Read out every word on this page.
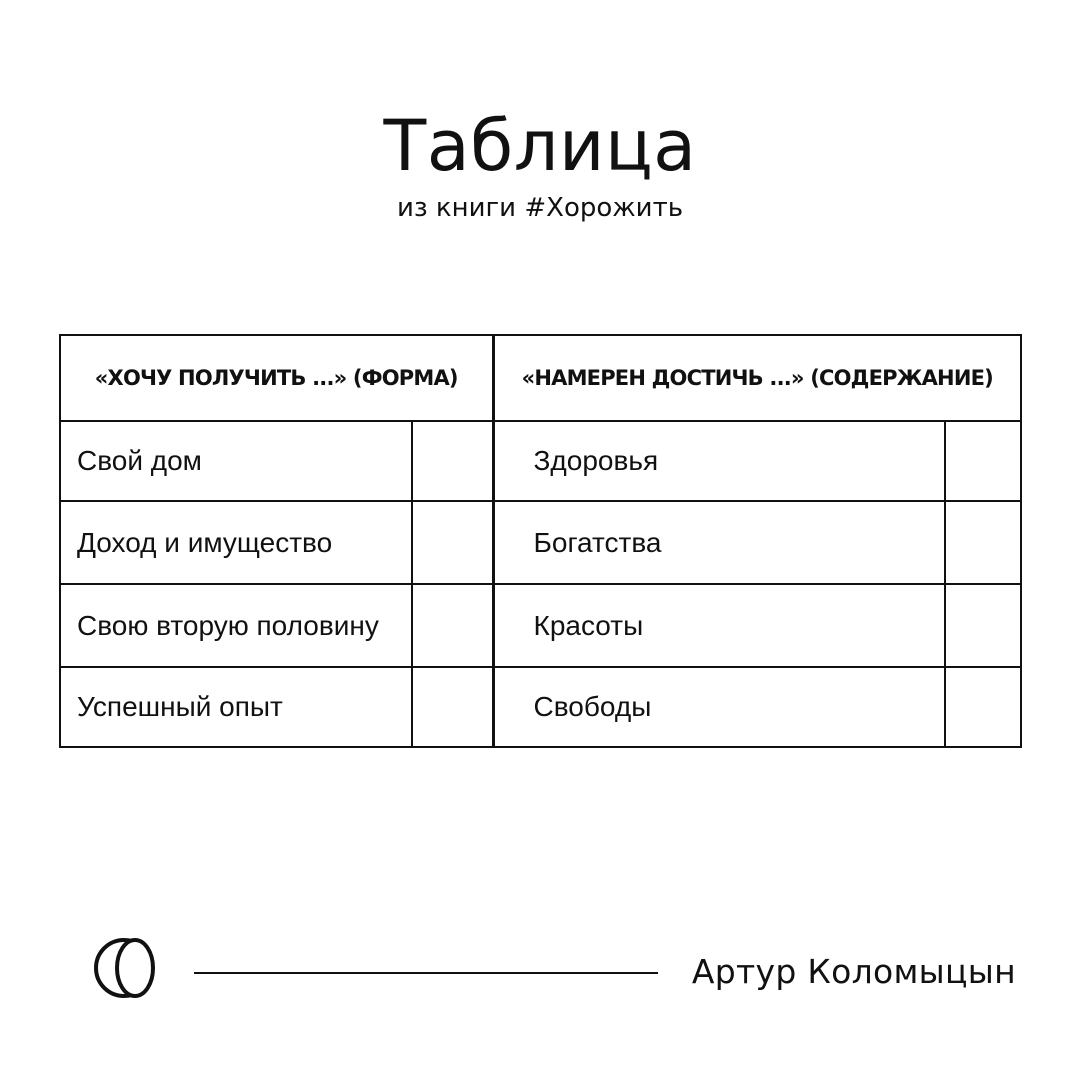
Таблица

из книги #Хорожить

«ХОЧУ ПОЛУЧИТЬ ...» (ФОРМА)		«НАМЕРЕН ДОСТИЧЬ ...» (СОДЕРЖАНИЕ)	
Свой дом		Здоровья	
Доход и имущество		Богатства	
Свою вторую половину		Красоты	
Успешный опыт		Свободы	

Артур Коломыцын
